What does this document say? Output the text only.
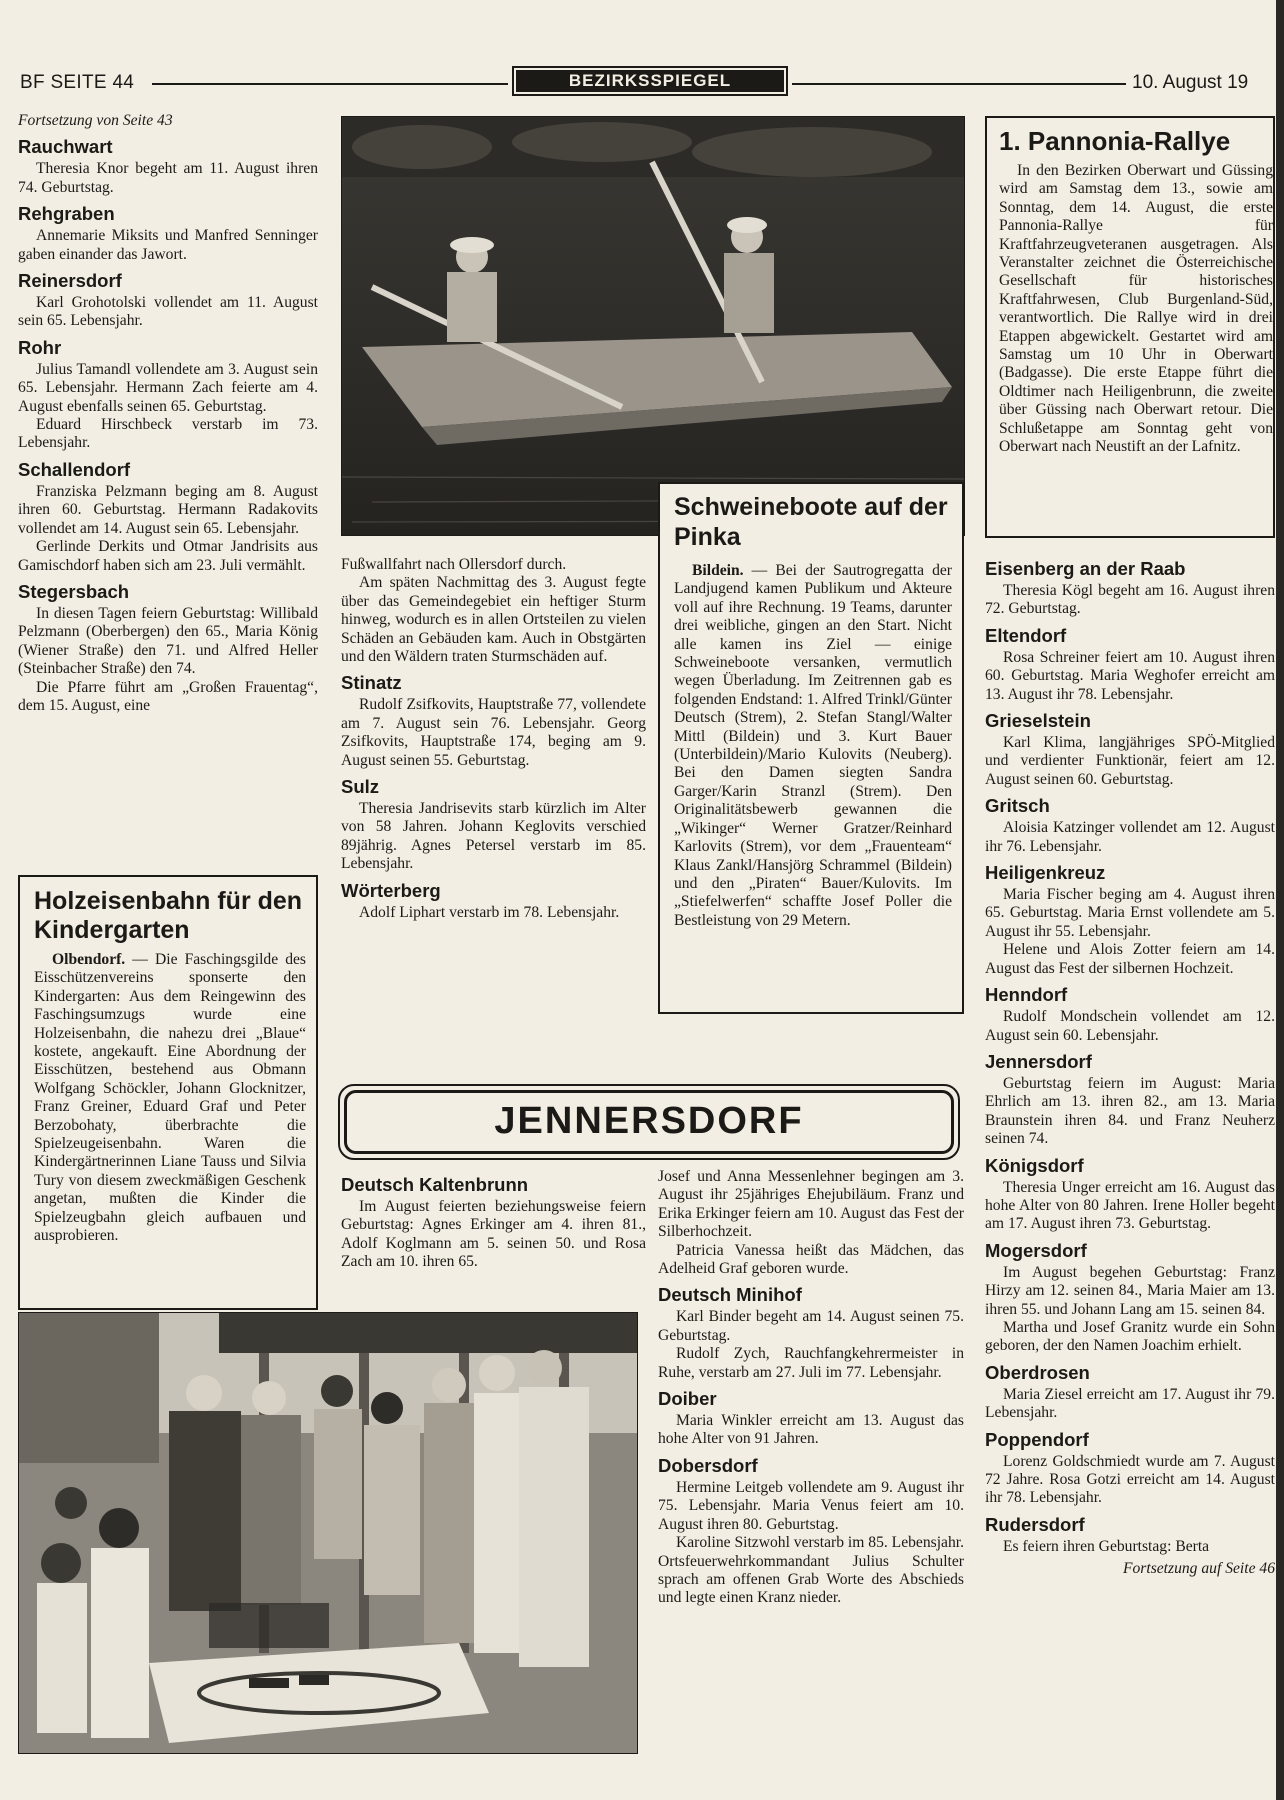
BF SEITE 44	BEZIRKSSPIEGEL	10. August 19
Fortsetzung von Seite 43
Rauchwart

Theresia Knor begeht am 11. August ihren 74. Geburtstag.

Rehgraben

Annemarie Miksits und Manfred Senninger gaben einander das Jawort.

Reinersdorf

Karl Grohotolski vollendet am 11. August sein 65. Lebensjahr.

Rohr

Julius Tamandl vollendete am 3. August sein 65. Lebensjahr. Hermann Zach feierte am 4. August ebenfalls seinen 65. Geburtstag.

Eduard Hirschbeck verstarb im 73. Lebensjahr.

Schallendorf

Franziska Pelzmann beging am 8. August ihren 60. Geburtstag. Hermann Radakovits vollendet am 14. August sein 65. Lebensjahr.

Gerlinde Derkits und Otmar Jandrisits aus Gamischdorf haben sich am 23. Juli vermählt.

Stegersbach

In diesen Tagen feiern Geburtstag: Willibald Pelzmann (Oberbergen) den 65., Maria König (Wiener Straße) den 71. und Alfred Heller (Steinbacher Straße) den 74.

Die Pfarre führt am „Großen Frauentag“, dem 15. August, eine

Holzeisenbahn für den Kindergarten

Olbendorf. — Die Faschingsgilde des Eisschützenvereins sponserte den Kindergarten: Aus dem Reingewinn des Faschingsumzugs wurde eine Holzeisenbahn, die nahezu drei „Blaue“ kostete, angekauft. Eine Abordnung der Eisschützen, bestehend aus Obmann Wolfgang Schöckler, Johann Glocknitzer, Franz Greiner, Eduard Graf und Peter Berzobohaty, überbrachte die Spielzeugeisenbahn. Waren die Kindergärtnerinnen Liane Tauss und Silvia Tury von diesem zweckmäßigen Geschenk angetan, mußten die Kinder die Spielzeugbahn gleich aufbauen und ausprobieren.

Fußwallfahrt nach Ollersdorf durch.

Am späten Nachmittag des 3. August fegte über das Gemeindegebiet ein heftiger Sturm hinweg, wodurch es in allen Ortsteilen zu vielen Schäden an Gebäuden kam. Auch in Obstgärten und den Wäldern traten Sturmschäden auf.

Stinatz

Rudolf Zsifkovits, Hauptstraße 77, vollendete am 7. August sein 76. Lebensjahr. Georg Zsifkovits, Hauptstraße 174, beging am 9. August seinen 55. Geburtstag.

Sulz

Theresia Jandrisevits starb kürzlich im Alter von 58 Jahren. Johann Keglovits verschied 89jährig. Agnes Petersel verstarb im 85. Lebensjahr.

Wörterberg

Adolf Liphart verstarb im 78. Lebensjahr.

Schweineboote auf der Pinka

Bildein. — Bei der Sautrogregatta der Landjugend kamen Publikum und Akteure voll auf ihre Rechnung. 19 Teams, darunter drei weibliche, gingen an den Start. Nicht alle kamen ins Ziel — einige Schweineboote versanken, vermutlich wegen Überladung. Im Zeitrennen gab es folgenden Endstand: 1. Alfred Trinkl/Günter Deutsch (Strem), 2. Stefan Stangl/Walter Mittl (Bildein) und 3. Kurt Bauer (Unterbildein)/Mario Kulovits (Neuberg). Bei den Damen siegten Sandra Garger/Karin Stranzl (Strem). Den Originalitätsbewerb gewannen die „Wikinger“ Werner Gratzer/Reinhard Karlovits (Strem), vor dem „Frauenteam“ Klaus Zankl/Hansjörg Schrammel (Bildein) und den „Piraten“ Bauer/Kulovits. Im „Stiefelwerfen“ schaffte Josef Poller die Bestleistung von 29 Metern.

1. Pannonia-Rallye

In den Bezirken Oberwart und Güssing wird am Samstag dem 13., sowie am Sonntag, dem 14. August, die erste Pannonia-Rallye für Kraftfahrzeugveteranen ausgetragen. Als Veranstalter zeichnet die Österreichische Gesellschaft für historisches Kraftfahrwesen, Club Burgenland-Süd, verantwortlich. Die Rallye wird in drei Etappen abgewickelt. Gestartet wird am Samstag um 10 Uhr in Oberwart (Badgasse). Die erste Etappe führt die Oldtimer nach Heiligenbrunn, die zweite über Güssing nach Oberwart retour. Die Schlußetappe am Sonntag geht von Oberwart nach Neustift an der Lafnitz.

Eisenberg an der Raab

Theresia Kögl begeht am 16. August ihren 72. Geburtstag.

Eltendorf

Rosa Schreiner feiert am 10. August ihren 60. Geburtstag. Maria Weghofer erreicht am 13. August ihr 78. Lebensjahr.

Grieselstein

Karl Klima, langjähriges SPÖ-Mitglied und verdienter Funktionär, feiert am 12. August seinen 60. Geburtstag.

Gritsch

Aloisia Katzinger vollendet am 12. August ihr 76. Lebensjahr.

Heiligenkreuz

Maria Fischer beging am 4. August ihren 65. Geburtstag. Maria Ernst vollendete am 5. August ihr 55. Lebensjahr.

Helene und Alois Zotter feiern am 14. August das Fest der silbernen Hochzeit.

Henndorf

Rudolf Mondschein vollendet am 12. August sein 60. Lebensjahr.

Jennersdorf

Geburtstag feiern im August: Maria Ehrlich am 13. ihren 82., am 13. Maria Braunstein ihren 84. und Franz Neuherz seinen 74.

Königsdorf

Theresia Unger erreicht am 16. August das hohe Alter von 80 Jahren. Irene Holler begeht am 17. August ihren 73. Geburtstag.

Mogersdorf

Im August begehen Geburtstag: Franz Hirzy am 12. seinen 84., Maria Maier am 13. ihren 55. und Johann Lang am 15. seinen 84.

Martha und Josef Granitz wurde ein Sohn geboren, der den Namen Joachim erhielt.

Oberdrosen

Maria Ziesel erreicht am 17. August ihr 79. Lebensjahr.

Poppendorf

Lorenz Goldschmiedt wurde am 7. August 72 Jahre. Rosa Gotzi erreicht am 14. August ihr 78. Lebensjahr.

Rudersdorf

Es feiern ihren Geburtstag: Berta

Fortsetzung auf Seite 46
JENNERSDORF
Deutsch Kaltenbrunn

Im August feierten beziehungsweise feiern Geburtstag: Agnes Erkinger am 4. ihren 81., Adolf Koglmann am 5. seinen 50. und Rosa Zach am 10. ihren 65.

Josef und Anna Messenlehner begingen am 3. August ihr 25jähriges Ehejubiläum. Franz und Erika Erkinger feiern am 10. August das Fest der Silberhochzeit.

Patricia Vanessa heißt das Mädchen, das Adelheid Graf geboren wurde.

Deutsch Minihof

Karl Binder begeht am 14. August seinen 75. Geburtstag.

Rudolf Zych, Rauchfangkehrermeister in Ruhe, verstarb am 27. Juli im 77. Lebensjahr.

Doiber

Maria Winkler erreicht am 13. August das hohe Alter von 91 Jahren.

Dobersdorf

Hermine Leitgeb vollendete am 9. August ihr 75. Lebensjahr. Maria Venus feiert am 10. August ihren 80. Geburtstag.

Karoline Sitzwohl verstarb im 85. Lebensjahr. Ortsfeuerwehrkommandant Julius Schulter sprach am offenen Grab Worte des Abschieds und legte einen Kranz nieder.
